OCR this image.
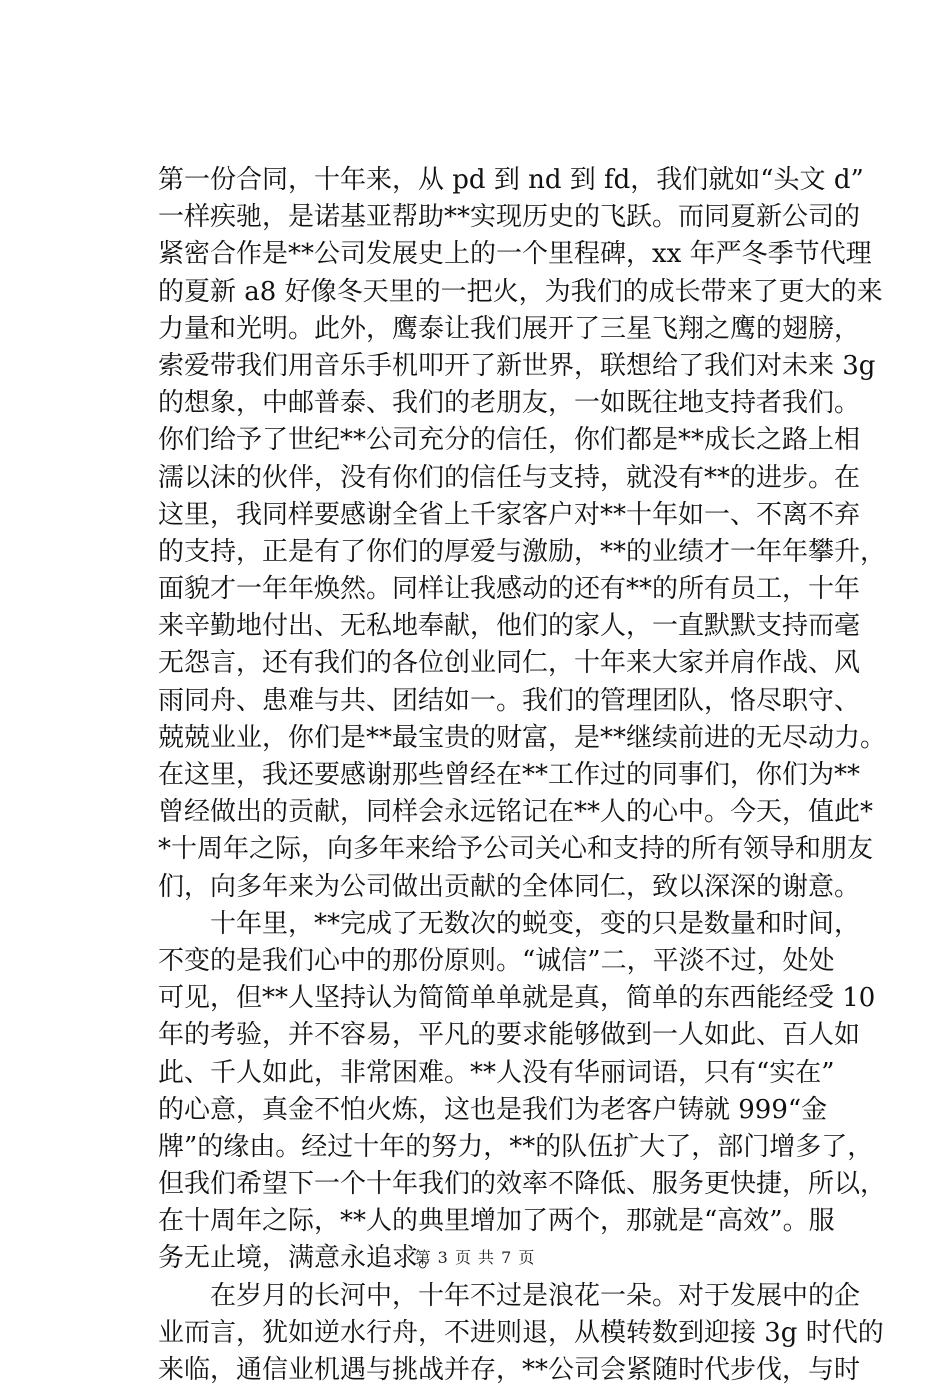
第一份合同，十年来，从 pd 到 nd 到 fd，我们就如“头文 d”
一样疾驰，是诺基亚帮助**实现历史的飞跃。而同夏新公司的
紧密合作是**公司发展史上的一个里程碑，xx 年严冬季节代理
的夏新 a8 好像冬天里的一把火，为我们的成长带来了更大的来
力量和光明。此外，鹰泰让我们展开了三星飞翔之鹰的翅膀，
索爱带我们用音乐手机叩开了新世界，联想给了我们对未来 3g
的想象，中邮普泰、我们的老朋友，一如既往地支持者我们。
你们给予了世纪**公司充分的信任，你们都是**成长之路上相
濡以沫的伙伴，没有你们的信任与支持，就没有**的进步。在
这里，我同样要感谢全省上千家客户对**十年如一、不离不弃
的支持，正是有了你们的厚爱与激励，**的业绩才一年年攀升，
面貌才一年年焕然。同样让我感动的还有**的所有员工，十年
来辛勤地付出、无私地奉献，他们的家人，一直默默支持而毫
无怨言，还有我们的各位创业同仁，十年来大家并肩作战、风
雨同舟、患难与共、团结如一。我们的管理团队，恪尽职守、
兢兢业业，你们是**最宝贵的财富，是**继续前进的无尽动力。
在这里，我还要感谢那些曾经在**工作过的同事们，你们为**
曾经做出的贡献，同样会永远铭记在**人的心中。今天，值此*
*十周年之际，向多年来给予公司关心和支持的所有领导和朋友
们，向多年来为公司做出贡献的全体同仁，致以深深的谢意。
　　十年里，**完成了无数次的蜕变，变的只是数量和时间，
不变的是我们心中的那份原则。“诚信”二，平淡不过，处处
可见，但**人坚持认为简简单单就是真，简单的东西能经受 10
年的考验，并不容易，平凡的要求能够做到一人如此、百人如
此、千人如此，非常困难。**人没有华丽词语，只有“实在”
的心意，真金不怕火炼，这也是我们为老客户铸就 999“金
牌”的缘由。经过十年的努力，**的队伍扩大了，部门增多了，
但我们希望下一个十年我们的效率不降低、服务更快捷，所以，
在十周年之际，**人的典里增加了两个，那就是“高效”。服
务无止境，满意永追求。
　　在岁月的长河中，十年不过是浪花一朵。对于发展中的企
业而言，犹如逆水行舟，不进则退，从模转数到迎接 3g 时代的
来临，通信业机遇与挑战并存，**公司会紧随时代步伐，与时
第 3 页 共 7 页
